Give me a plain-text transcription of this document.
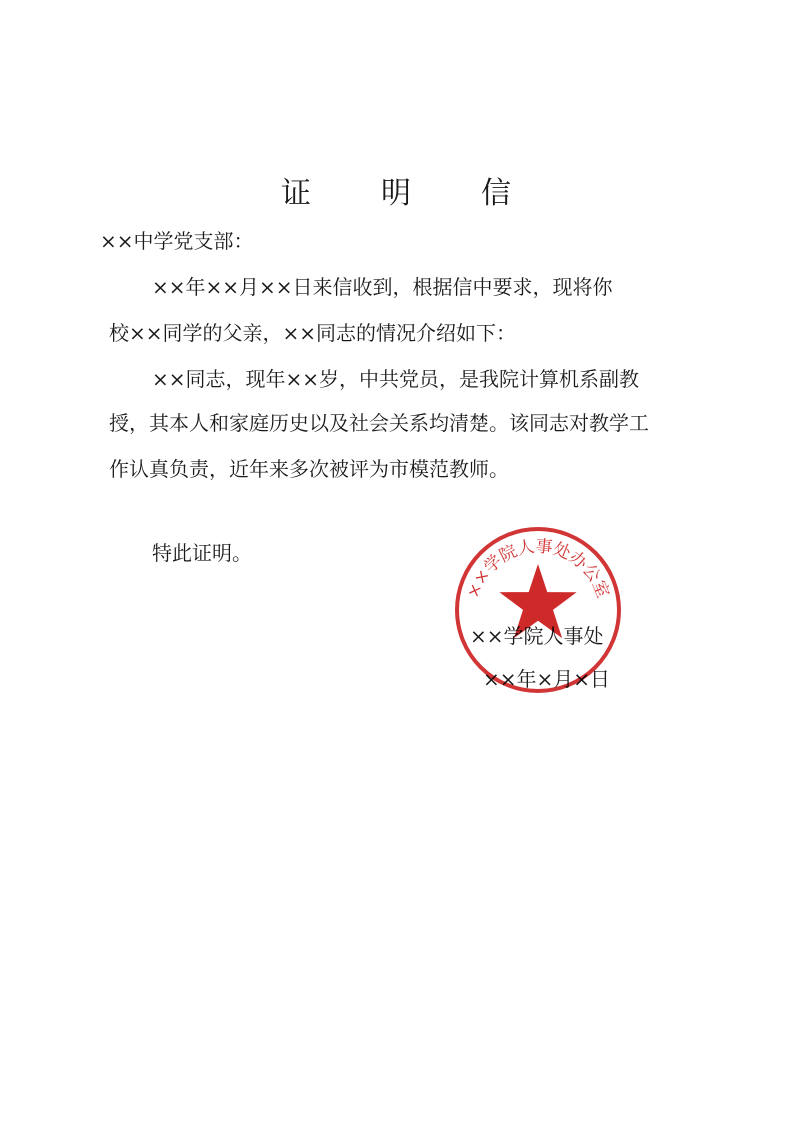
证 明 信
××中学党支部：
××年××月××日来信收到，根据信中要求，现将你
校××同学的父亲，××同志的情况介绍如下：
××同志，现年××岁，中共党员，是我院计算机系副教
授，其本人和家庭历史以及社会关系均清楚。该同志对教学工
作认真负责，近年来多次被评为市模范教师。
特此证明。
××学院人事处
××年×月×日
××学院人事处办公室
